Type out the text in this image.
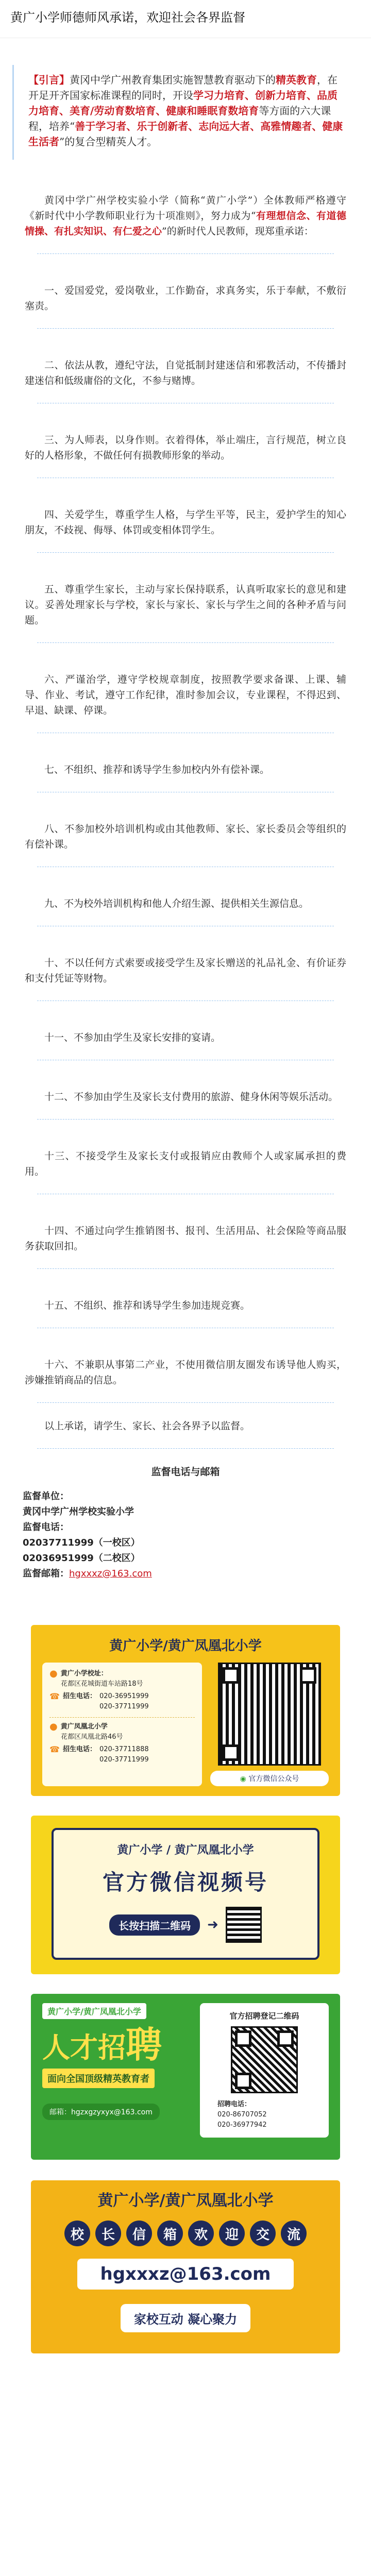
黄广小学师德师风承诺，欢迎社会各界监督
【引言】黄冈中学广州教育集团实施智慧教育驱动下的精英教育，在开足开齐国家标准课程的同时，开设学习力培育、创新力培育、品质力培育、美育/劳动育数培育、健康和睡眠育数培育等方面的六大课程，培养“善于学习者、乐于创新者、志向远大者、高雅情趣者、健康生活者”的复合型精英人才。
黄冈中学广州学校实验小学（简称“黄广小学”）全体教师严格遵守《新时代中小学教师职业行为十项准则》，努力成为“有理想信念、有道德情操、有扎实知识、有仁爱之心”的新时代人民教师，现郑重承诺：
一、爱国爱党，爱岗敬业，工作勤奋，求真务实，乐于奉献，不敷衍塞责。
二、依法从教，遵纪守法，自觉抵制封建迷信和邪教活动，不传播封建迷信和低级庸俗的文化，不参与赌博。
三、为人师表，以身作则。衣着得体，举止端庄，言行规范，树立良好的人格形象，不做任何有损教师形象的举动。
四、关爱学生，尊重学生人格，与学生平等，民主，爱护学生的知心朋友，不歧视、侮辱、体罚或变相体罚学生。
五、尊重学生家长，主动与家长保持联系，认真听取家长的意见和建议。妥善处理家长与学校，家长与家长、家长与学生之间的各种矛盾与问题。
六、严谨治学，遵守学校规章制度，按照教学要求备课、上课、辅导、作业、考试，遵守工作纪律，准时参加会议，专业课程，不得迟到、早退、缺课、停课。
七、不组织、推荐和诱导学生参加校内外有偿补课。
八、不参加校外培训机构或由其他教师、家长、家长委员会等组织的有偿补课。
九、不为校外培训机构和他人介绍生源、提供相关生源信息。
十、不以任何方式索要或接受学生及家长赠送的礼品礼金、有价证券和支付凭证等财物。
十一、不参加由学生及家长安排的宴请。
十二、不参加由学生及家长支付费用的旅游、健身休闲等娱乐活动。
十三、不接受学生及家长支付或报销应由教师个人或家属承担的费用。
十四、不通过向学生推销图书、报刊、生活用品、社会保险等商品服务获取回扣。
十五、不组织、推荐和诱导学生参加违规竞赛。
十六、不兼职从事第二产业，不使用微信朋友圈发布诱导他人购买，涉嫌推销商品的信息。
以上承诺，请学生、家长、社会各界予以监督。
监督电话与邮箱
监督单位：
黄冈中学广州学校实验小学
监督电话：
02037711999（一校区）
02036951999（二校区）
监督邮箱：hgxxxz@163.com
黄广小学/黄广凤凰北小学
● 黄广小学校址：
花都区花城街道车站路18号
☎ 招生电话： 020-36951999
020-37711999
● 黄广凤凰北小学
花都区凤凰北路46号
☎ 招生电话： 020-37711888
020-37711999
◉ 官方微信公众号
黄广小学 / 黄广凤凰北小学
官方微信视频号
长按扫描二维码	➜
黄广小学/黄广凤凰北小学
人才招聘
面向全国顶级精英教育者 邮箱：hgzxgzyxyx@163.com
官方招聘登记二维码
招聘电话：
020-86707052
020-36977942
黄广小学/黄广凤凰北小学
校	长	信	箱	欢	迎	交	流
hgxxxz@163.com
家校互动 凝心聚力
